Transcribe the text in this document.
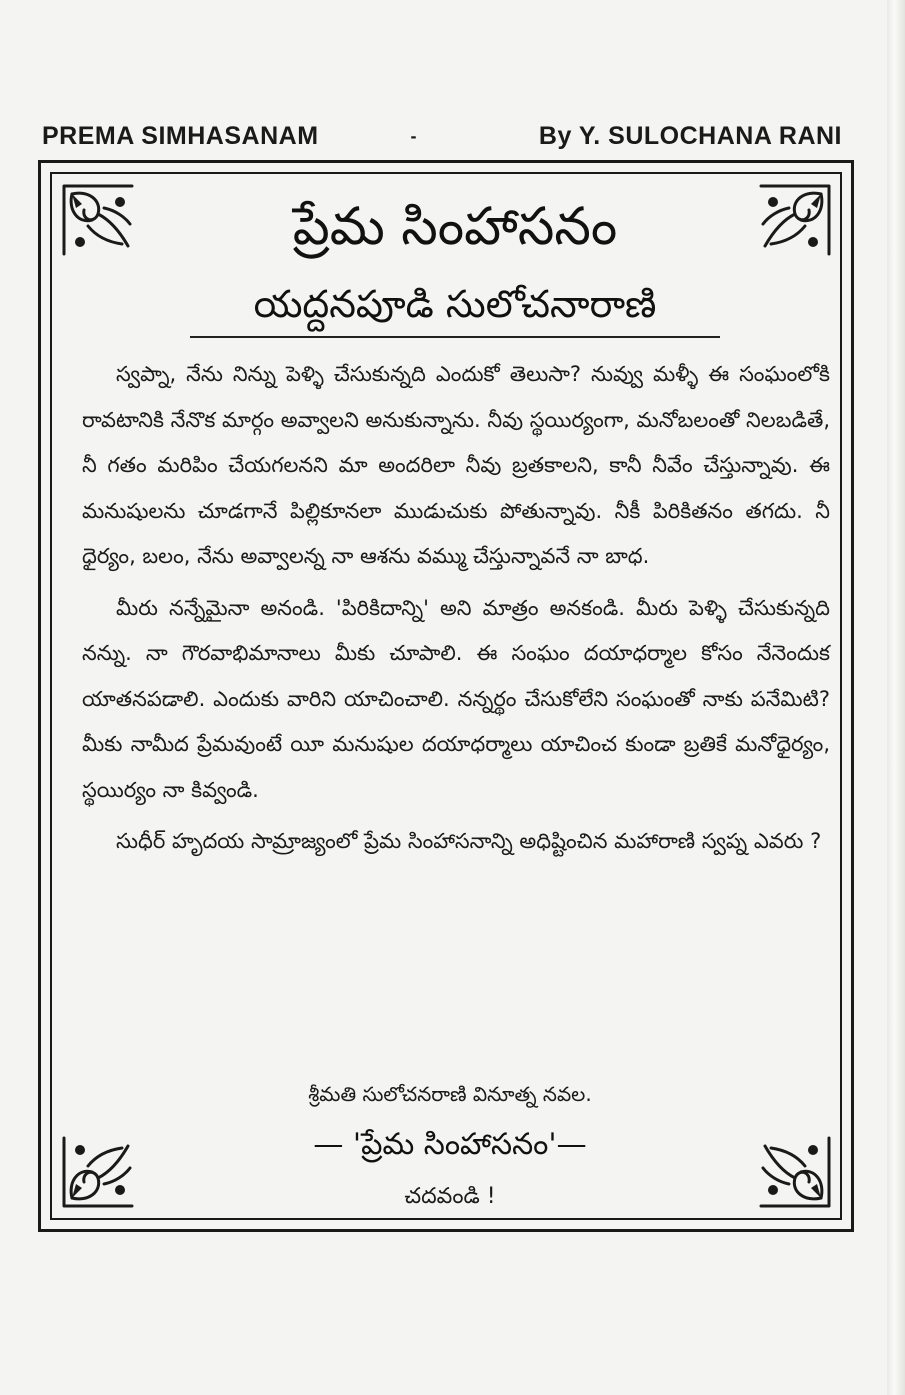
PREMA SIMHASANAM	-	By Y. SULOCHANA RANI
ప్రేమ సింహాసనం
యద్దనపూడి సులోచనారాణి

స్వప్నా, నేను నిన్ను పెళ్ళి చేసుకున్నది ఎందుకో తెలుసా? నువ్వు మళ్ళీ ఈ సంఘంలోకి రావటానికి నేనొక మార్గం అవ్వాలని అనుకున్నాను. నీవు స్థయిర్యంగా, మనోబలంతో నిలబడితే, నీ గతం మరిపిం చేయగలనని మా అందరిలా నీవు బ్రతకాలని, కానీ నీవేం చేస్తున్నావు. ఈ మనుషులను చూడగానే పిల్లికూనలా ముడుచుకు పోతున్నావు. నీకీ పిరికితనం తగదు. నీ ధైర్యం, బలం, నేను అవ్వాలన్న నా ఆశను వమ్ము చేస్తున్నావనే నా బాధ.

మీరు నన్నేమైనా అనండి. 'పిరికిదాన్ని' అని మాత్రం అనకండి. మీరు పెళ్ళి చేసుకున్నది నన్ను. నా గౌరవాభిమానాలు మీకు చూపాలి. ఈ సంఘం దయాధర్మాల కోసం నేనెందుక యాతనపడాలి. ఎందుకు వారిని యాచించాలి. నన్నర్థం చేసుకోలేని సంఘంతో నాకు పనేమిటి? మీకు నామీద ప్రేమవుంటే యీ మనుషుల దయాధర్మాలు యాచించ కుండా బ్రతికే మనోధైర్యం, స్థయిర్యం నా కివ్వండి.

సుధీర్ హృదయ సామ్రాజ్యంలో ప్రేమ సింహాసనాన్ని అధిష్టించిన మహారాణి స్వప్న ఎవరు ?

శ్రీమతి సులోచనరాణి వినూత్న నవల.
— 'ప్రేమ సింహాసనం'—
చదవండి !
